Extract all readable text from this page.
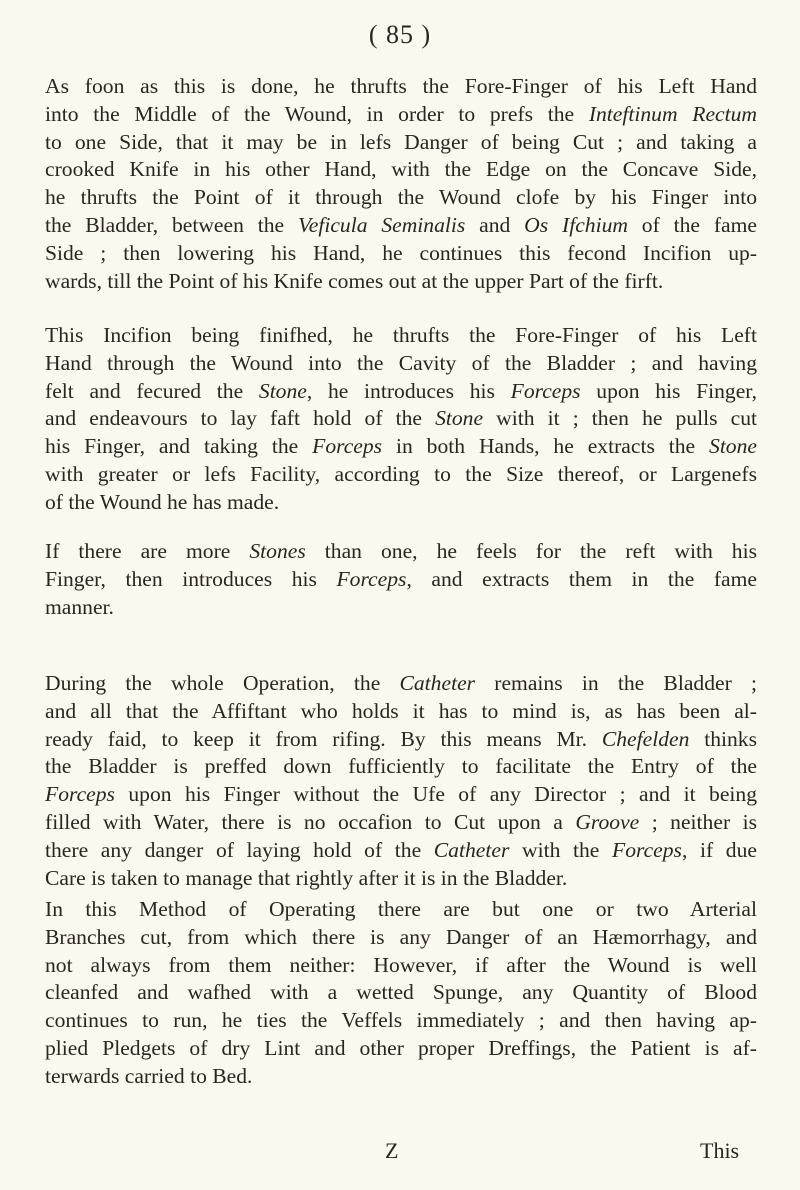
( 85 )

As foon as this is done, he thrufts the Fore-Finger of his Left Hand

into the Middle of the Wound, in order to prefs the Inteftinum Rectum

to one Side, that it may be in lefs Danger of being Cut ; and taking a

crooked Knife in his other Hand, with the Edge on the Concave Side,

he thrufts the Point of it through the Wound clofe by his Finger into

the Bladder, between the Veficula Seminalis and Os Ifchium of the fame

Side ; then lowering his Hand, he continues this fecond Incifion up-

wards, till the Point of his Knife comes out at the upper Part of the firft.

This Incifion being finifhed, he thrufts the Fore-Finger of his Left

Hand through the Wound into the Cavity of the Bladder ; and having

felt and fecured the Stone, he introduces his Forceps upon his Finger,

and endeavours to lay faft hold of the Stone with it ; then he pulls cut

his Finger, and taking the Forceps in both Hands, he extracts the Stone

with greater or lefs Facility, according to the Size thereof, or Largenefs

of the Wound he has made.

If there are more Stones than one, he feels for the reft with his

Finger, then introduces his Forceps, and extracts them in the fame

manner.

During the whole Operation, the Catheter remains in the Bladder ;

and all that the Affiftant who holds it has to mind is, as has been al-

ready faid, to keep it from rifing. By this means Mr. Chefelden thinks

the Bladder is preffed down fufficiently to facilitate the Entry of the

Forceps upon his Finger without the Ufe of any Director ; and it being

filled with Water, there is no occafion to Cut upon a Groove ; neither is

there any danger of laying hold of the Catheter with the Forceps, if due

Care is taken to manage that rightly after it is in the Bladder.

In this Method of Operating there are but one or two Arterial

Branches cut, from which there is any Danger of an Hæmorrhagy, and

not always from them neither: However, if after the Wound is well

cleanfed and wafhed with a wetted Spunge, any Quantity of Blood

continues to run, he ties the Veffels immediately ; and then having ap-

plied Pledgets of dry Lint and other proper Dreffings, the Patient is af-

terwards carried to Bed.

Z	This
